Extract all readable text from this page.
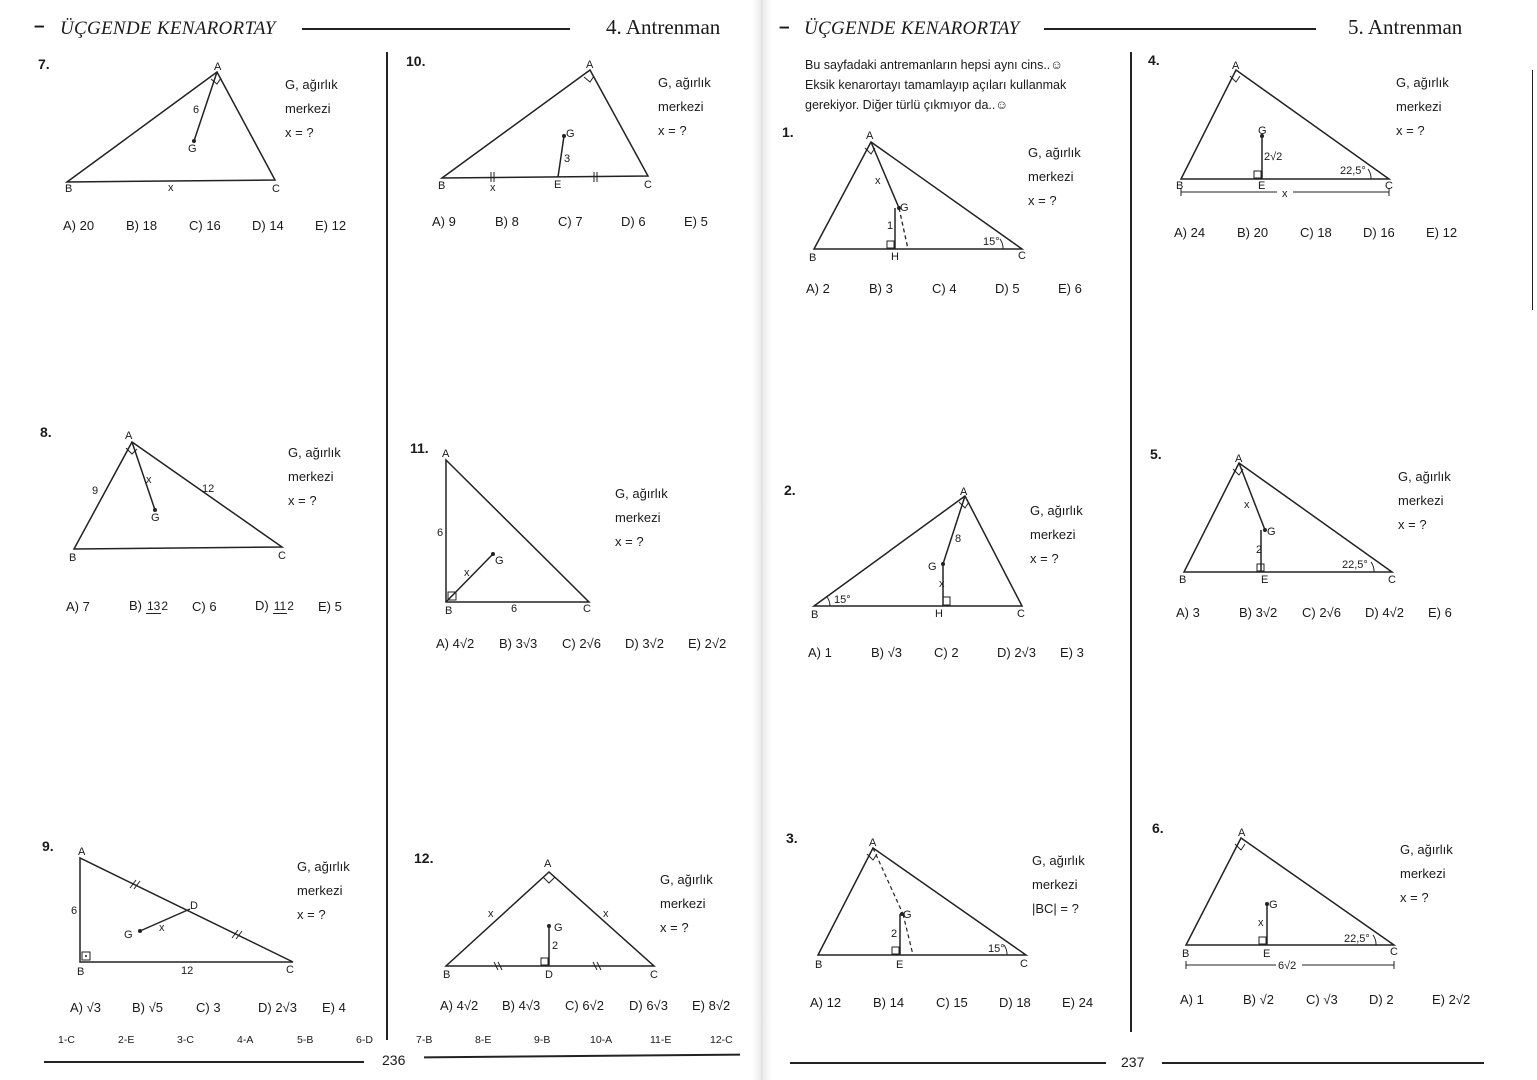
– ÜÇGENDE KENARORTAY	4. Antrenman
7.	A
B	C
G
6
x
G, ağırlık
merkezi
x = ?
A) 20	B) 18	C) 16	D) 14	E) 12
8.	A
B	C
G
9	12
x
G, ağırlık
merkezi
x = ?
A) 7	B) 132	C) 6	D) 112	E) 5
9. A
B	C
D
G
6
12
x
G, ağırlık
merkezi
x = ?
A) √3	B) √5	C) 3	D) 2√3	E) 4
10.	A
B	C
E
G
3
x
G, ağırlık
merkezi
x = ?
A) 9	B) 8	C) 7	D) 6	E) 5
11. A
B	C
G
6
6
x
G, ağırlık
merkezi
x = ?
A) 4√2	B) 3√3	C) 2√6	D) 3√2	E) 2√2
12.	A
B	C
D
G
2
x	x
G, ağırlık
merkezi
x = ?
A) 4√2	B) 4√3	C) 6√2	D) 6√3	E) 8√2
1-C	2-E	3-C	4-A	5-B	6-D	7-B	8-E	9-B	10-A	11-E	12-C
236
– ÜÇGENDE KENARORTAY	5. Antrenman
Bu sayfadaki antremanların hepsi aynı cins..☺
Eksik kenarortayı tamamlayıp açıları kullanmak
gerekiyor. Diğer türlü çıkmıyor da..☺
1.	A
B	C
H
G
1
x
15°
G, ağırlık
merkezi
x = ?
A) 2	B) 3	C) 4	D) 5	E) 6
2.	A
B	C
H
G
8
x
15°
G, ağırlık
merkezi
x = ?
A) 1	B) √3	C) 2	D) 2√3	E) 3
3.	A
B	C
E
G
2
15°
G, ağırlık
merkezi
|BC| = ?
A) 12	B) 14	C) 15	D) 18	E) 24
4.	A
B	C
E
G
2√2
x
22,5°
G, ağırlık
merkezi
x = ?
A) 24	B) 20	C) 18	D) 16	E) 12
5.	A
B	C
E
G
2
x
22,5°
G, ağırlık
merkezi
x = ?
A) 3	B) 3√2	C) 2√6	D) 4√2	E) 6
6.	A
B	C
E
G
x
6√2
22,5°
G, ağırlık
merkezi
x = ?
A) 1	B) √2	C) √3	D) 2	E) 2√2
237
